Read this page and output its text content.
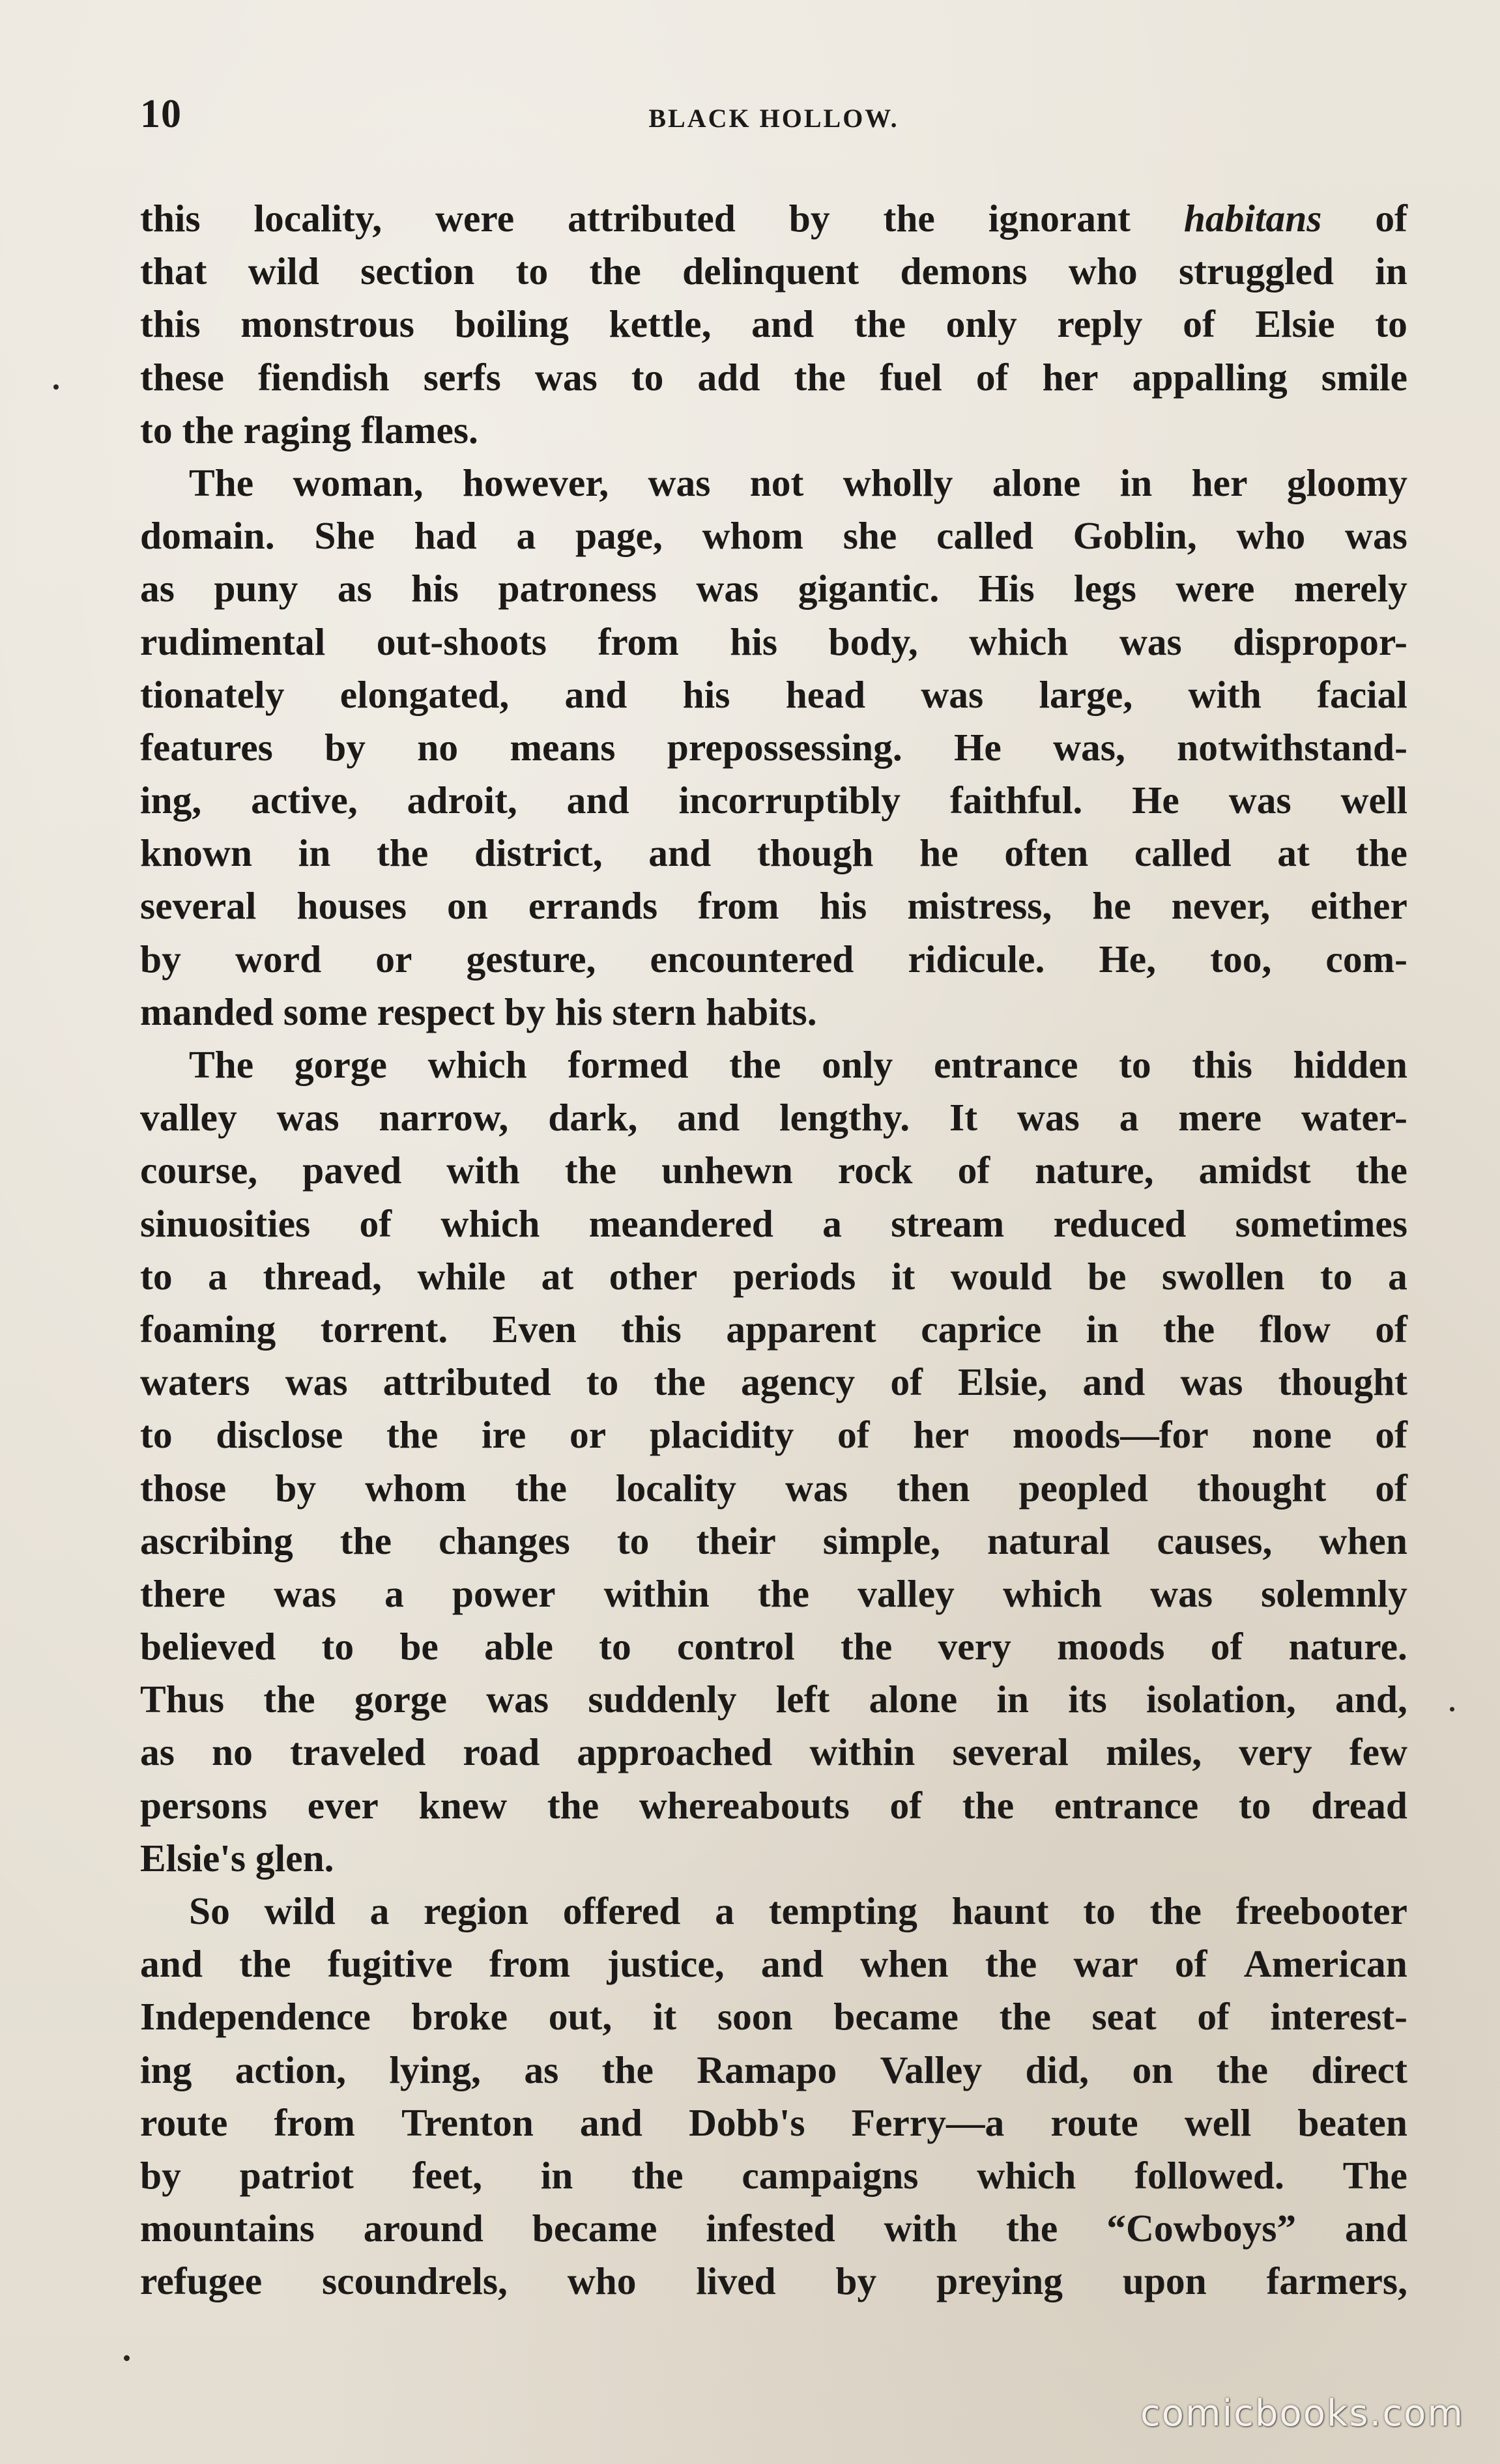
10	BLACK HOLLOW.
this locality, were attributed by the ignorant habitans of
that wild section to the delinquent demons who struggled in
this monstrous boiling kettle, and the only reply of Elsie to
these fiendish serfs was to add the fuel of her appalling smile
to the raging flames.
The woman, however, was not wholly alone in her gloomy
domain. She had a page, whom she called Goblin, who was
as puny as his patroness was gigantic. His legs were merely
rudimental out-shoots from his body, which was dispropor-
tionately elongated, and his head was large, with facial
features by no means prepossessing. He was, notwithstand-
ing, active, adroit, and incorruptibly faithful. He was well
known in the district, and though he often called at the
several houses on errands from his mistress, he never, either
by word or gesture, encountered ridicule. He, too, com-
manded some respect by his stern habits.
The gorge which formed the only entrance to this hidden
valley was narrow, dark, and lengthy. It was a mere water-
course, paved with the unhewn rock of nature, amidst the
sinuosities of which meandered a stream reduced sometimes
to a thread, while at other periods it would be swollen to a
foaming torrent. Even this apparent caprice in the flow of
waters was attributed to the agency of Elsie, and was thought
to disclose the ire or placidity of her moods—for none of
those by whom the locality was then peopled thought of
ascribing the changes to their simple, natural causes, when
there was a power within the valley which was solemnly
believed to be able to control the very moods of nature.
Thus the gorge was suddenly left alone in its isolation, and,
as no traveled road approached within several miles, very few
persons ever knew the whereabouts of the entrance to dread
Elsie's glen.
So wild a region offered a tempting haunt to the freebooter
and the fugitive from justice, and when the war of American
Independence broke out, it soon became the seat of interest-
ing action, lying, as the Ramapo Valley did, on the direct
route from Trenton and Dobb's Ferry—a route well beaten
by patriot feet, in the campaigns which followed. The
mountains around became infested with the “Cowboys” and
refugee scoundrels, who lived by preying upon farmers,
comicbooks.com
